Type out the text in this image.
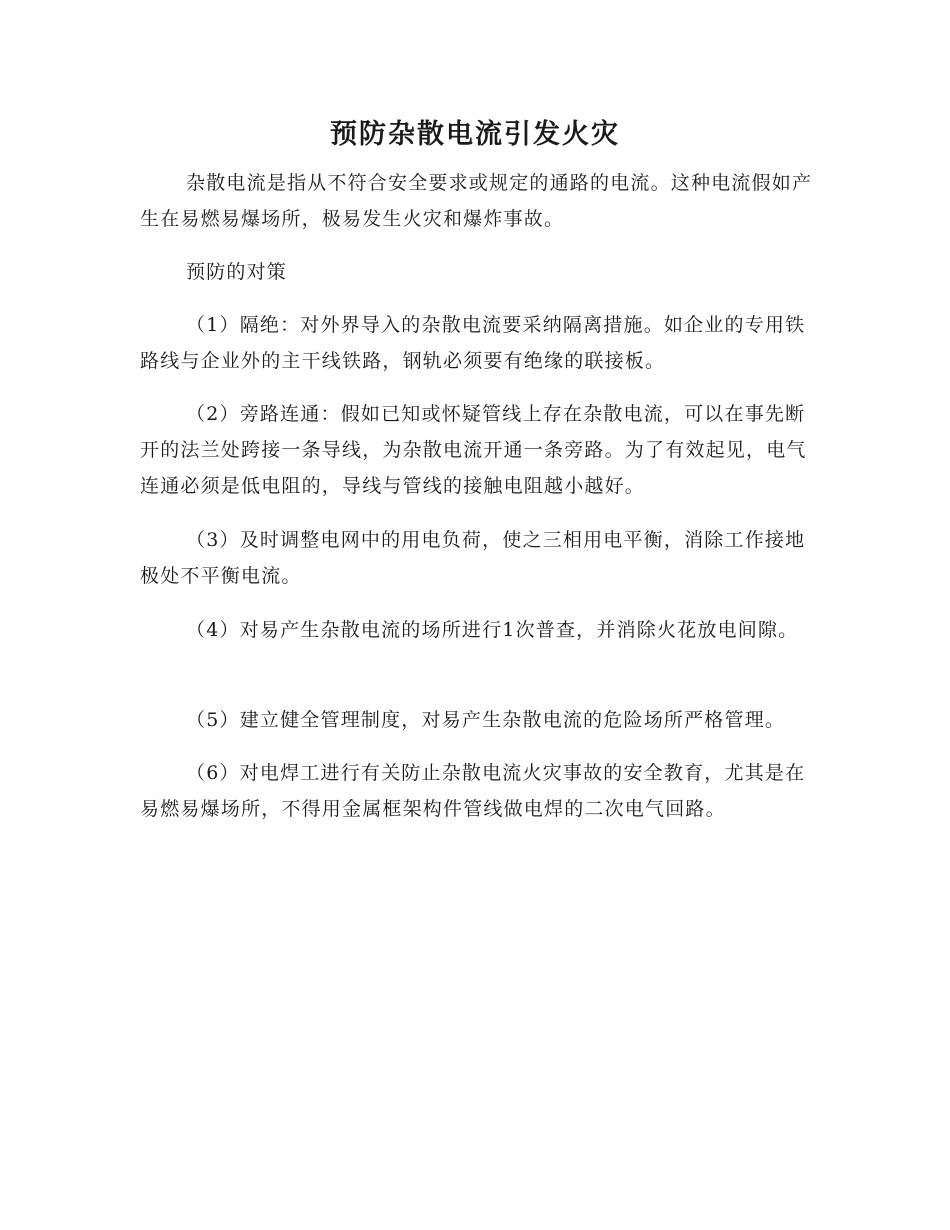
预防杂散电流引发火灾

杂散电流是指从不符合安全要求或规定的通路的电流。这种电流假如产生在易燃易爆场所，极易发生火灾和爆炸事故。

预防的对策

（1）隔绝：对外界导入的杂散电流要采纳隔离措施。如企业的专用铁路线与企业外的主干线铁路，钢轨必须要有绝缘的联接板。

（2）旁路连通：假如已知或怀疑管线上存在杂散电流，可以在事先断开的法兰处跨接一条导线，为杂散电流开通一条旁路。为了有效起见，电气连通必须是低电阻的，导线与管线的接触电阻越小越好。

（3）及时调整电网中的用电负荷，使之三相用电平衡，消除工作接地极处不平衡电流。

（4）对易产生杂散电流的场所进行1次普查，并消除火花放电间隙。

（5）建立健全管理制度，对易产生杂散电流的危险场所严格管理。

（6）对电焊工进行有关防止杂散电流火灾事故的安全教育，尤其是在易燃易爆场所，不得用金属框架构件管线做电焊的二次电气回路。
